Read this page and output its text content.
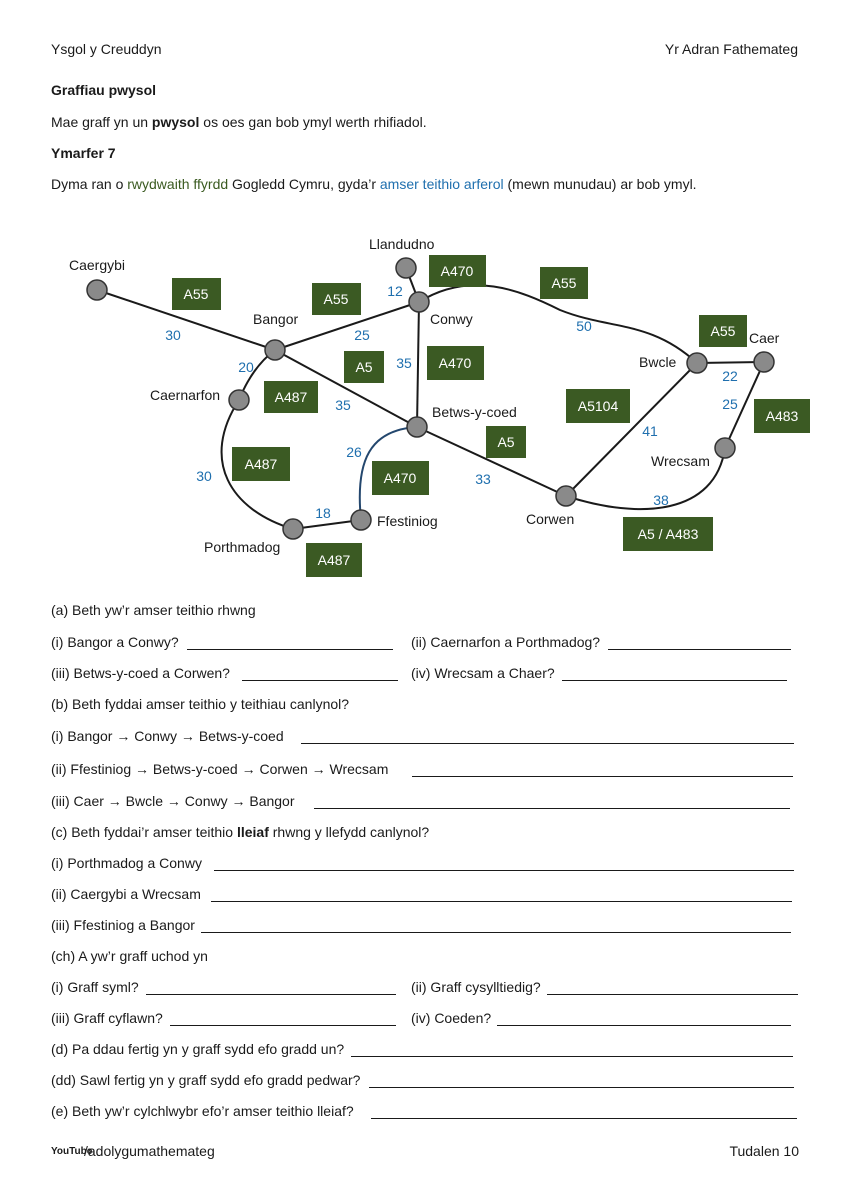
Ysgol y Creuddyn	Yr Adran Fathemateg
Graffiau pwysol
Mae graff yn un pwysol os oes gan bob ymyl werth rhifiadol.
Ymarfer 7
Dyma ran o rwydwaith ffyrdd Gogledd Cymru, gyda’r amser teithio arferol (mewn munudau) ar bob ymyl.
A55	A55
A470
A55
A5	A470
A55
A487
A5104
A483
A5
A487
A470
A5 / A483
A487
30
12
25
20	35
35
50
22
25
41
26
30
18
33
38
Caergybi
Llandudno
Bangor	Conwy
Caernarfon
Betws-y-coed
Bwcle
Caer
Wrecsam
Corwen
Porthmadog
Ffestiniog
(a) Beth yw’r amser teithio rhwng
(i) Bangor a Conwy?	(ii) Caernarfon a Porthmadog?
(iii) Betws-y-coed a Corwen?	(iv) Wrecsam a Chaer?
(b) Beth fyddai amser teithio y teithiau canlynol?
(i) Bangor → Conwy → Betws-y-coed
(ii) Ffestiniog → Betws-y-coed → Corwen → Wrecsam
(iii) Caer → Bwcle → Conwy → Bangor
(c) Beth fyddai’r amser teithio lleiaf rhwng y llefydd canlynol?
(i) Porthmadog a Conwy
(ii) Caergybi a Wrecsam
(iii) Ffestiniog a Bangor
(ch) A yw’r graff uchod yn
(i) Graff syml?	(ii) Graff cysylltiedig?
(iii) Graff cyflawn?	(iv) Coeden?
(d) Pa ddau fertig yn y graff sydd efo gradd un?
(dd) Sawl fertig yn y graff sydd efo gradd pedwar?
(e) Beth yw’r cylchlwybr efo’r amser teithio lleiaf?
YouTube
/adolygumathemateg	Tudalen 10
